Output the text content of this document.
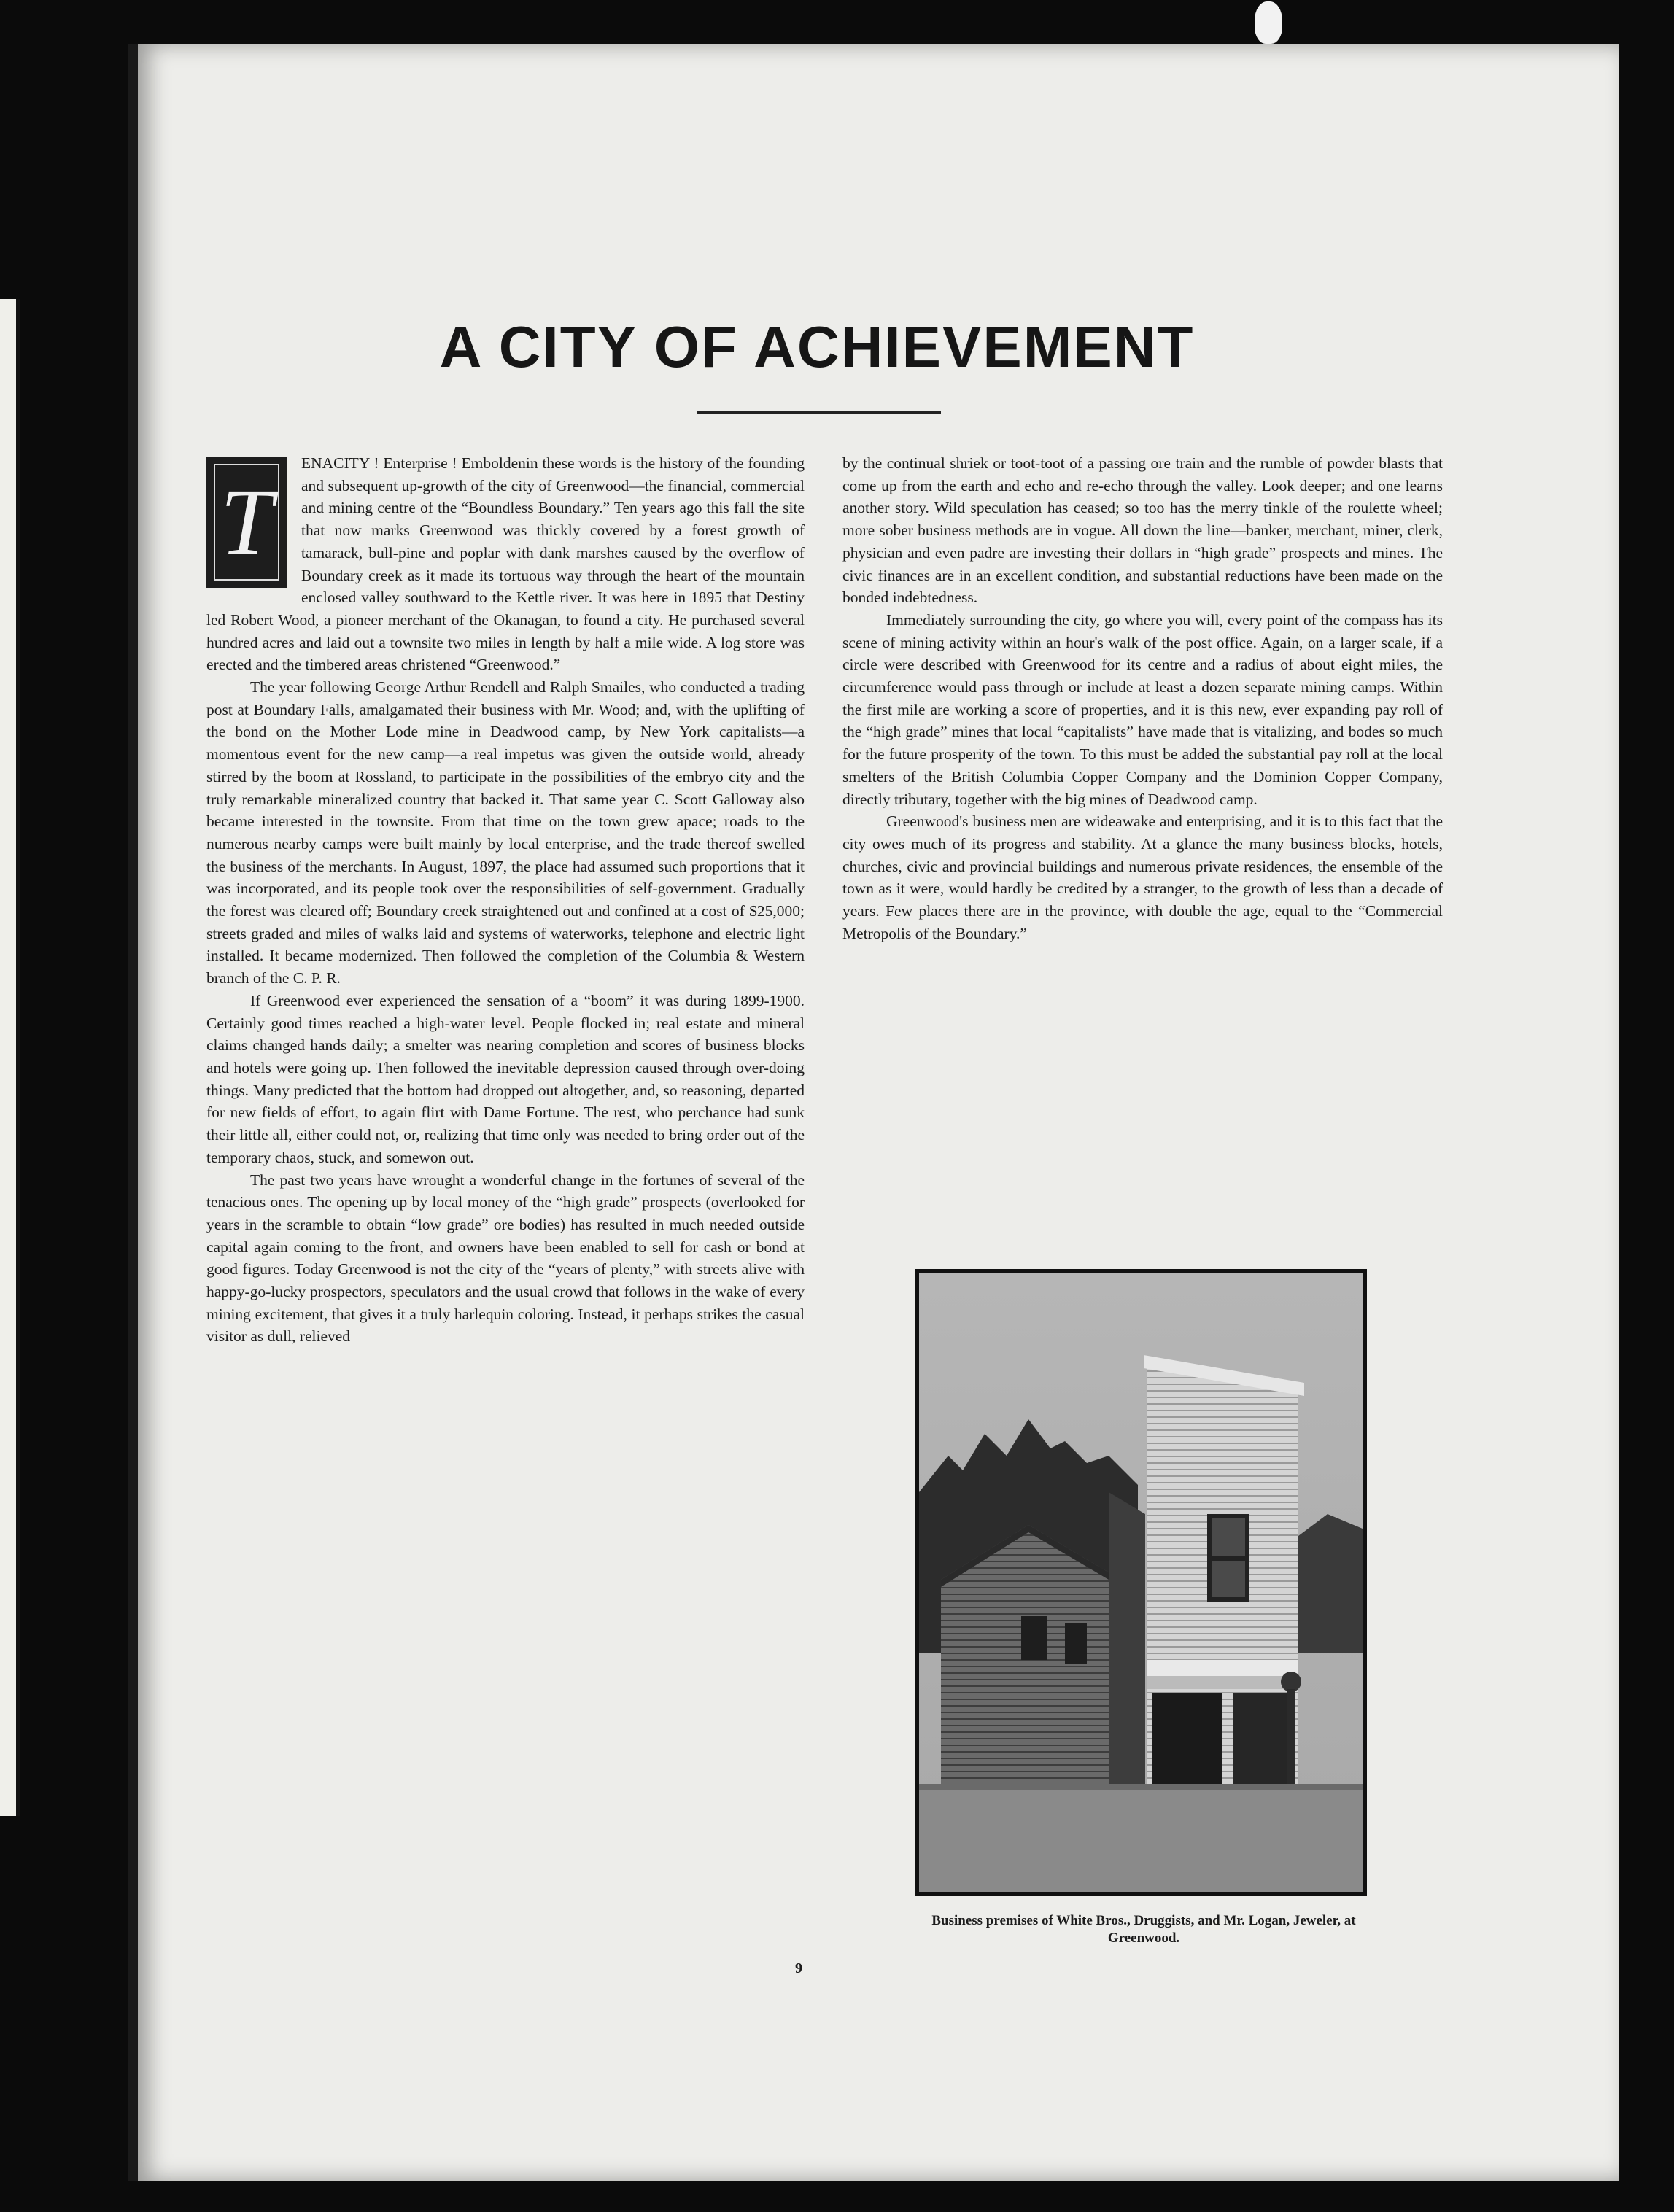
A CITY OF ACHIEVEMENT
T

ENACITY ! Enterprise ! Emboldenin these words is the history of the founding and subsequent up-growth of the city of Greenwood—the financial, commercial and mining centre of the “Boundless Boundary.” Ten years ago this fall the site that now marks Greenwood was thickly covered by a forest growth of tamarack, bull-pine and poplar with dank marshes caused by the overflow of Boundary creek as it made its tortuous way through the heart of the mountain enclosed valley southward to the Kettle river. It was here in 1895 that Destiny led Robert Wood, a pioneer merchant of the Okanagan, to found a city. He purchased several hundred acres and laid out a townsite two miles in length by half a mile wide. A log store was erected and the timbered areas christened “Greenwood.”

The year following George Arthur Rendell and Ralph Smailes, who conducted a trading post at Boundary Falls, amalgamated their business with Mr. Wood; and, with the uplifting of the bond on the Mother Lode mine in Deadwood camp, by New York capitalists—a momentous event for the new camp—a real impetus was given the outside world, already stirred by the boom at Rossland, to participate in the possibilities of the embryo city and the truly remarkable mineralized country that backed it. That same year C. Scott Galloway also became interested in the townsite. From that time on the town grew apace; roads to the numerous nearby camps were built mainly by local enterprise, and the trade thereof swelled the business of the merchants. In August, 1897, the place had assumed such proportions that it was incorporated, and its people took over the responsibilities of self-government. Gradually the forest was cleared off; Boundary creek straightened out and confined at a cost of $25,000; streets graded and miles of walks laid and systems of waterworks, telephone and electric light installed. It became modernized. Then followed the completion of the Columbia & Western branch of the C. P. R.

If Greenwood ever experienced the sensation of a “boom” it was during 1899-1900. Certainly good times reached a high-water level. People flocked in; real estate and mineral claims changed hands daily; a smelter was nearing completion and scores of business blocks and hotels were going up. Then followed the inevitable depression caused through over-doing things. Many predicted that the bottom had dropped out altogether, and, so reasoning, departed for new fields of effort, to again flirt with Dame Fortune. The rest, who perchance had sunk their little all, either could not, or, realizing that time only was needed to bring order out of the temporary chaos, stuck, and somewon out.

The past two years have wrought a wonderful change in the fortunes of several of the tenacious ones. The opening up by local money of the “high grade” prospects (overlooked for years in the scramble to obtain “low grade” ore bodies) has resulted in much needed outside capital again coming to the front, and owners have been enabled to sell for cash or bond at good figures. Today Greenwood is not the city of the “years of plenty,” with streets alive with happy-go-lucky prospectors, speculators and the usual crowd that follows in the wake of every mining excitement, that gives it a truly harlequin coloring. Instead, it perhaps strikes the casual visitor as dull, relieved

by the continual shriek or toot-toot of a passing ore train and the rumble of powder blasts that come up from the earth and echo and re-echo through the valley. Look deeper; and one learns another story. Wild speculation has ceased; so too has the merry tinkle of the roulette wheel; more sober business methods are in vogue. All down the line—banker, merchant, miner, clerk, physician and even padre are investing their dollars in “high grade” prospects and mines. The civic finances are in an excellent condition, and substantial reductions have been made on the bonded indebtedness.

Immediately surrounding the city, go where you will, every point of the compass has its scene of mining activity within an hour's walk of the post office. Again, on a larger scale, if a circle were described with Greenwood for its centre and a radius of about eight miles, the circumference would pass through or include at least a dozen separate mining camps. Within the first mile are working a score of properties, and it is this new, ever expanding pay roll of the “high grade” mines that local “capitalists” have made that is vitalizing, and bodes so much for the future prosperity of the town. To this must be added the substantial pay roll at the local smelters of the British Columbia Copper Company and the Dominion Copper Company, directly tributary, together with the big mines of Deadwood camp.

Greenwood's business men are wideawake and enterprising, and it is to this fact that the city owes much of its progress and stability. At a glance the many business blocks, hotels, churches, civic and provincial buildings and numerous private residences, the ensemble of the town as it were, would hardly be credited by a stranger, to the growth of less than a decade of years. Few places there are in the province, with double the age, equal to the “Commercial Metropolis of the Boundary.”

Business premises of White Bros., Druggists, and Mr. Logan, Jeweler, at Greenwood.
9
